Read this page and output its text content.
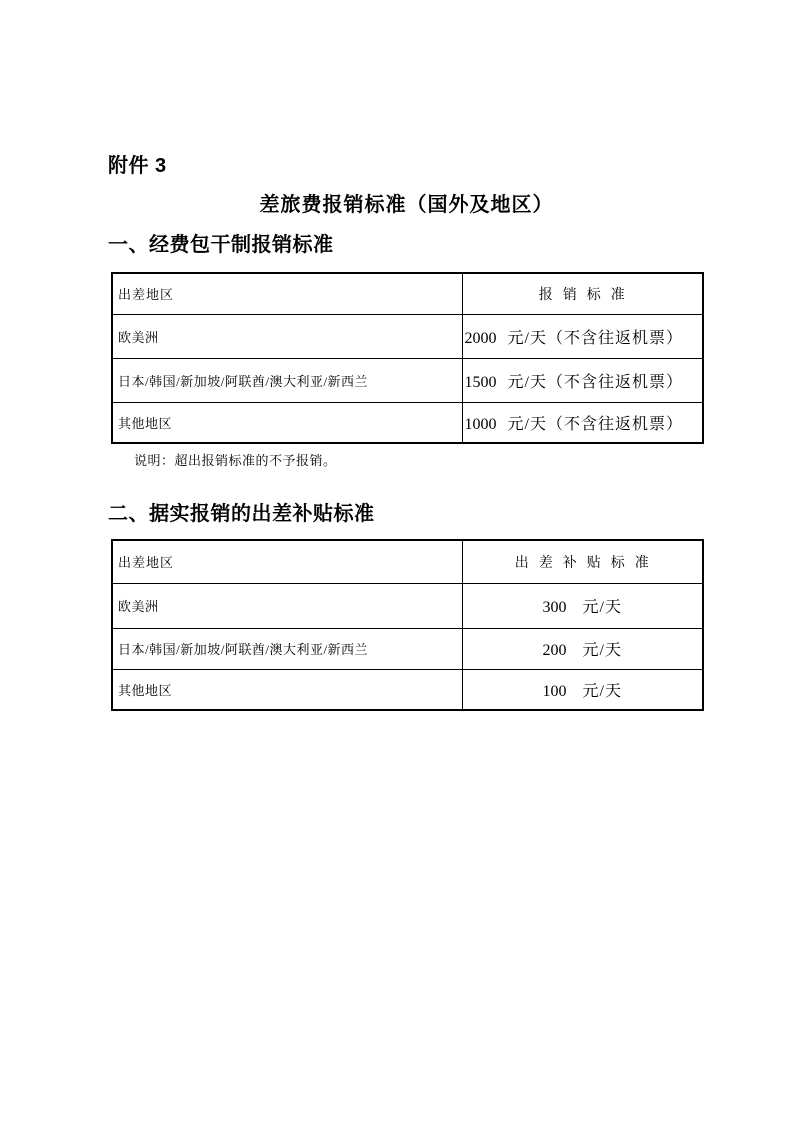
附件 3
差旅费报销标准（国外及地区）
一、经费包干制报销标准
出差地区	报销标准
欧美洲	2000 元/天（不含往返机票）
日本/韩国/新加坡/阿联酋/澳大利亚/新西兰	1500 元/天（不含往返机票）
其他地区	1000 元/天（不含往返机票）
说明：超出报销标准的不予报销。
二、据实报销的出差补贴标准
出差地区	出差补贴标准
欧美洲	300 元/天
日本/韩国/新加坡/阿联酋/澳大利亚/新西兰	200 元/天
其他地区	100 元/天
